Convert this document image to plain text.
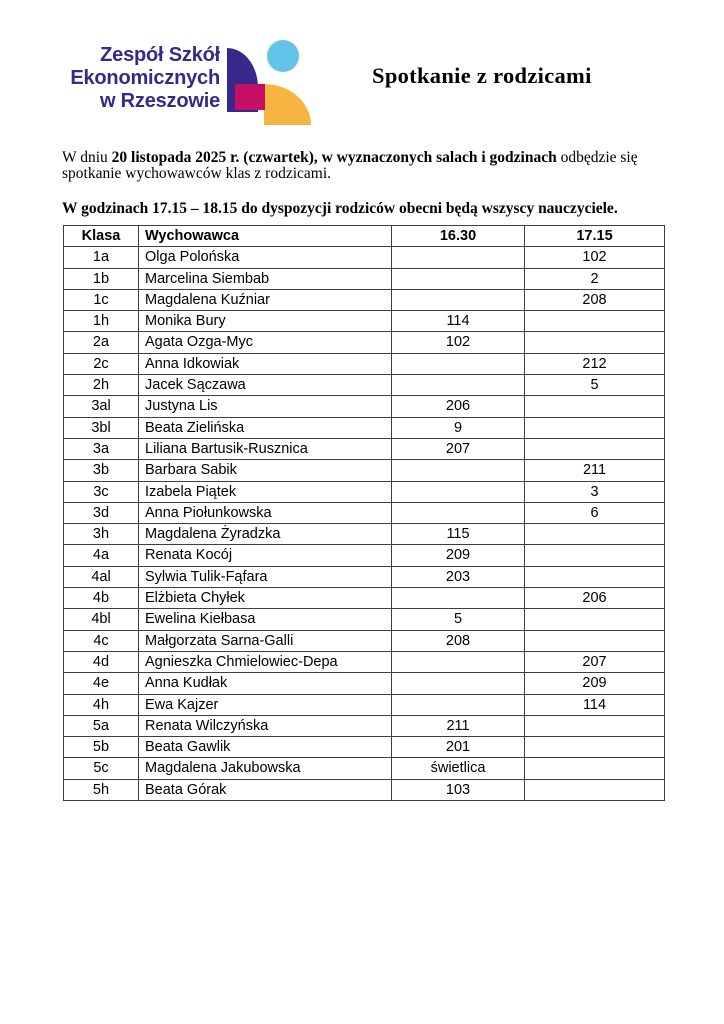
Zespół Szkół
Ekonomicznych
w Rzeszowie
Spotkanie z rodzicami

W dniu 20 listopada 2025 r. (czwartek), w wyznaczonych salach i godzinach odbędzie się
spotkanie wychowawców klas z rodzicami.

W godzinach 17.15 – 18.15 do dyspozycji rodziców obecni będą wszyscy nauczyciele.

Klasa	Wychowawca	16.30	17.15
1a	Olga Polońska		102
1b	Marcelina Siembab		2
1c	Magdalena Kuźniar		208
1h	Monika Bury	114	
2a	Agata Ozga-Myc	102	
2c	Anna Idkowiak		212
2h	Jacek Sączawa		5
3al	Justyna Lis	206	
3bl	Beata Zielińska	9	
3a	Liliana Bartusik-Rusznica	207	
3b	Barbara Sabik		211
3c	Izabela Piątek		3
3d	Anna Piołunkowska		6
3h	Magdalena Żyradzka	115	
4a	Renata Kocój	209	
4al	Sylwia Tulik-Fąfara	203	
4b	Elżbieta Chyłek		206
4bl	Ewelina Kiełbasa	5	
4c	Małgorzata Sarna-Galli	208	
4d	Agnieszka Chmielowiec-Depa		207
4e	Anna Kudłak		209
4h	Ewa Kajzer		114
5a	Renata Wilczyńska	211	
5b	Beata Gawlik	201	
5c	Magdalena Jakubowska	świetlica	
5h	Beata Górak	103	
